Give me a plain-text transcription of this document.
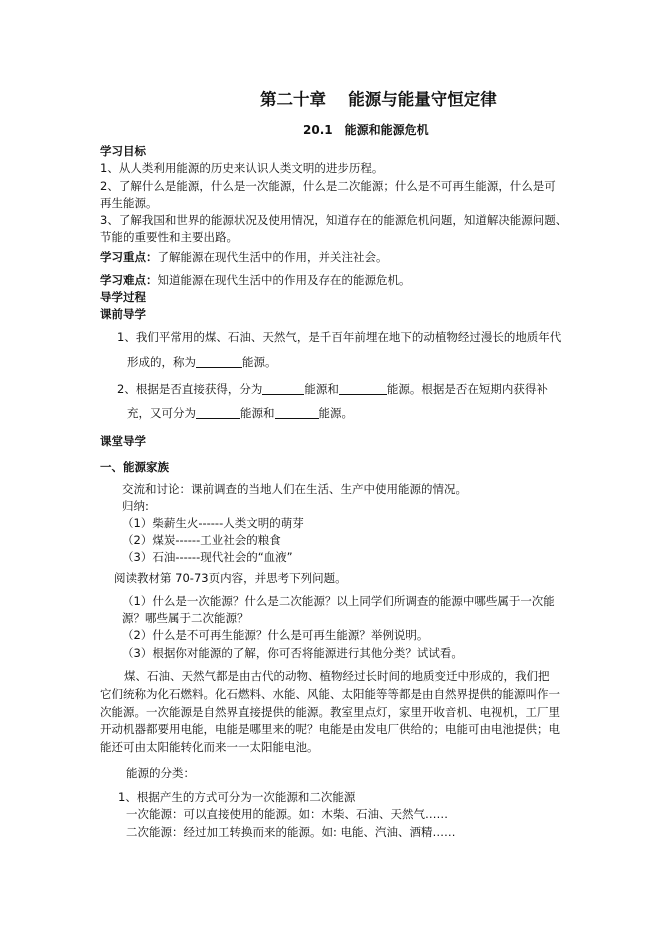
第二十章　 能源与能量守恒定律
20.1　能源和能源危机
学习目标
1、从人类利用能源的历史来认识人类文明的进步历程。
2、了解什么是能源，什么是一次能源，什么是二次能源；什么是不可再生能源，什么是可
再生能源。
3、了解我国和世界的能源状况及使用情况，知道存在的能源危机问题，知道解决能源问题、
节能的重要性和主要出路。
学习重点：了解能源在现代生活中的作用，并关注社会。
学习难点：知道能源在现代生活中的作用及存在的能源危机。
导学过程
课前导学
1、我们平常用的煤、石油、天然气，是千百年前埋在地下的动植物经过漫长的地质年代
形成的，称为	能源。
2、根据是否直接获得，分为	能源和	能源。根据是否在短期内获得补
充，又可分为	能源和	能源。
课堂导学
一、能源家族
交流和讨论：课前调查的当地人们在生活、生产中使用能源的情况。
归纳:
（1）柴薪生火------人类文明的萌芽
（2）煤炭------工业社会的粮食
（3）石油------现代社会的“血液”
阅读教材第 70-73页内容，并思考下列问题。
（1）什么是一次能源？什么是二次能源？以上同学们所调查的能源中哪些属于一次能
源？哪些属于二次能源？
（2）什么是不可再生能源？什么是可再生能源？举例说明。
（3）根据你对能源的了解，你可否将能源进行其他分类？试试看。
煤、石油、天然气都是由古代的动物、植物经过长时间的地质变迁中形成的，我们把
它们统称为化石燃料。化石燃料、水能、风能、太阳能等等都是由自然界提供的能源叫作一
次能源。一次能源是自然界直接提供的能源。教室里点灯，家里开收音机、电视机，工厂里
开动机器都要用电能，电能是哪里来的呢？电能是由发电厂供给的；电能可由电池提供；电
能还可由太阳能转化而来一一太阳能电池。
能源的分类：
1、根据产生的方式可分为一次能源和二次能源
一次能源：可以直接使用的能源。如：木柴、石油、天然气……
二次能源：经过加工转换而来的能源。如: 电能、汽油、酒精……
